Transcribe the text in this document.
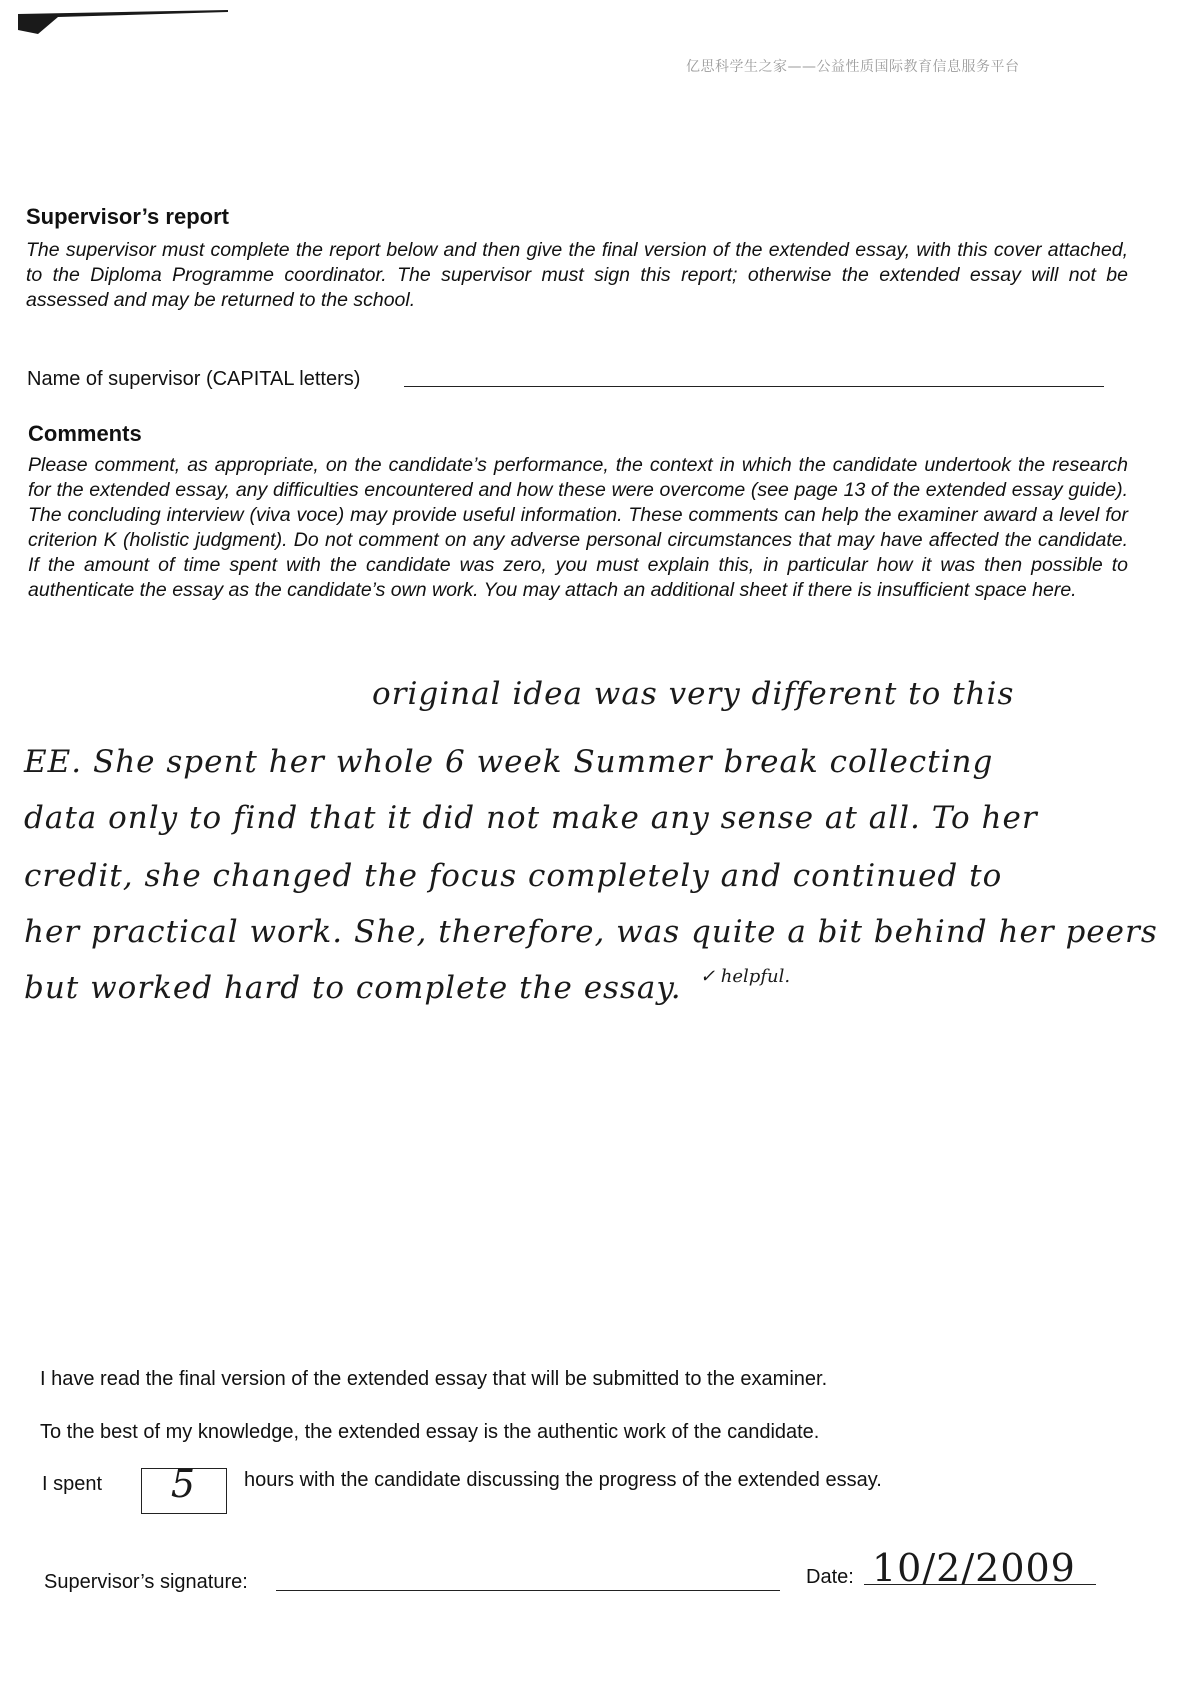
亿思科学生之家——公益性质国际教育信息服务平台
Supervisor’s report
The supervisor must complete the report below and then give the final version of the extended essay, with this cover attached, to the Diploma Programme coordinator. The supervisor must sign this report; otherwise the extended essay will not be assessed and may be returned to the school.
Name of supervisor (CAPITAL letters)
Comments
Please comment, as appropriate, on the candidate’s performance, the context in which the candidate undertook the research for the extended essay, any difficulties encountered and how these were overcome (see page 13 of the extended essay guide). The concluding interview (viva voce) may provide useful information. These comments can help the examiner award a level for criterion K (holistic judgment). Do not comment on any adverse personal circumstances that may have affected the candidate. If the amount of time spent with the candidate was zero, you must explain this, in particular how it was then possible to authenticate the essay as the candidate’s own work. You may attach an additional sheet if there is insufficient space here.
original idea was very different to this
EE. She spent her whole 6 week Summer break collecting
data only to find that it did not make any sense at all. To her
credit, she changed the focus completely and continued to
her practical work. She, therefore, was quite a bit behind her peers
but worked hard to complete the essay. ✓ helpful.
I have read the final version of the extended essay that will be submitted to the examiner.
To the best of my knowledge, the extended essay is the authentic work of the candidate.
I spent	5	hours with the candidate discussing the progress of the extended essay.
Supervisor’s signature:	Date: 10/2/2009
